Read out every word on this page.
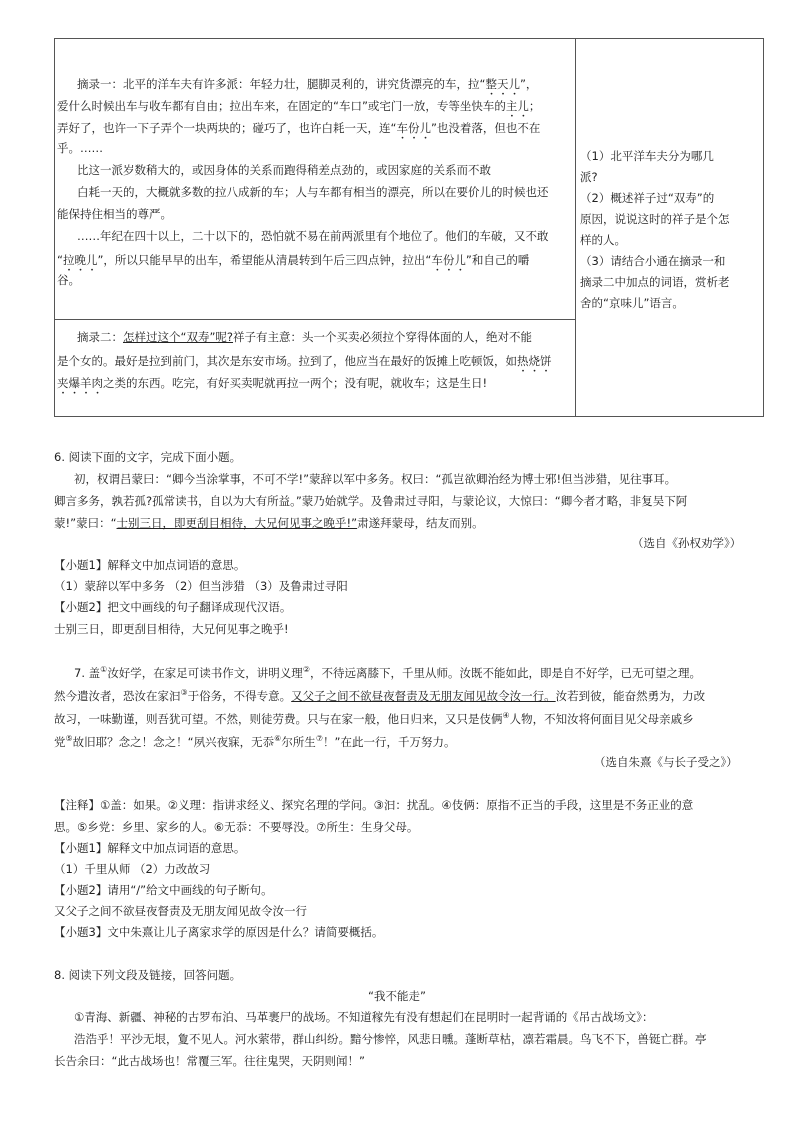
摘录一：北平的洋车夫有许多派：年轻力壮，腿脚灵利的，讲究货漂亮的车，拉“整天儿”，
爱什么时候出车与收车都有自由；拉出车来，在固定的“车口”或宅门一放，专等坐快车的主儿；
弄好了，也许一下子弄个一块两块的；碰巧了，也许白耗一天，连“车份儿”也没着落，但也不在
乎。……
比这一派岁数稍大的，或因身体的关系而跑得稍差点劲的，或因家庭的关系而不敢
白耗一天的，大概就多数的拉八成新的车；人与车都有相当的漂亮，所以在要价儿的时候也还
能保持住相当的尊严。
……年纪在四十以上，二十以下的，恐怕就不易在前两派里有个地位了。他们的车破，又不敢
“拉晚儿”，所以只能早早的出车，希望能从清晨转到午后三四点钟，拉出“车份儿”和自己的嚼
谷。

（1）北平洋车夫分为哪几
派?
（2）概述祥子过“双寿”的
原因，说说这时的祥子是个怎
样的人。
（3）请结合小通在摘录一和
摘录二中加点的词语，赏析老
舍的“京味儿”语言。

摘录二：怎样过这个“双寿”呢?祥子有主意：头一个买卖必须拉个穿得体面的人，绝对不能
是个女的。最好是拉到前门，其次是东安市场。拉到了，他应当在最好的饭摊上吃顿饭，如热烧饼
夹爆羊肉之类的东西。吃完，有好买卖呢就再拉一两个；没有呢，就收车；这是生日!
6. 阅读下面的文字，完成下面小题。
初，权谓吕蒙曰：“卿今当涂掌事，不可不学!”蒙辞以军中多务。权曰：“孤岂欲卿治经为博士邪!但当涉猎，见往事耳。
卿言多务，孰若孤?孤常读书，自以为大有所益。”蒙乃始就学。及鲁肃过寻阳，与蒙论议，大惊曰：“卿今者才略，非复吴下阿
蒙!”蒙曰：“士别三日，即更刮目相待，大兄何见事之晚乎!”肃遂拜蒙母，结友而别。
（选自《孙权劝学》）
【小题1】解释文中加点词语的意思。
（1）蒙辞以军中多务 （2）但当涉猎 （3）及鲁肃过寻阳
【小题2】把文中画线的句子翻译成现代汉语。
士别三日，即更刮目相待，大兄何见事之晚乎!
7. 盖①汝好学，在家足可读书作文，讲明义理②，不待远离膝下，千里从师。汝既不能如此，即是自不好学，已无可望之理。
然今遣汝者，恐汝在家汩③于俗务，不得专意。又父子之间不欲昼夜督责及无朋友闻见故令汝一行。汝若到彼，能奋然勇为，力改
故习，一味勤谨，则吾犹可望。不然，则徒劳费。只与在家一般，他日归来，又只是伎俩④人物，不知汝将何面目见父母亲戚乡
党⑤故旧耶？念之！念之！“夙兴夜寐，无忝⑥尔所生⑦！”在此一行，千万努力。
（选自朱熹《与长子受之》）
【注释】①盖：如果。②义理：指讲求经义、探究名理的学问。③汩：扰乱。④伎俩：原指不正当的手段，这里是不务正业的意
思。⑤乡党：乡里、家乡的人。⑥无忝：不要辱没。⑦所生：生身父母。
【小题1】解释文中加点词语的意思。
（1）千里从师 （2）力改故习
【小题2】请用“/”给文中画线的句子断句。
又父子之间不欲昼夜督责及无朋友闻见故令汝一行
【小题3】文中朱熹让儿子离家求学的原因是什么？请简要概括。
8. 阅读下列文段及链接，回答问题。
“我不能走”
①青海、新疆、神秘的古罗布泊、马革裹尸的战场。不知道稼先有没有想起们在昆明时一起背诵的《吊古战场文》：
浩浩乎！平沙无垠，夐不见人。河水萦带，群山纠纷。黯兮惨悴，风悲日曛。蓬断草枯，凛若霜晨。鸟飞不下，兽铤亡群。亭
长告余曰：“此古战场也！常覆三军。往往鬼哭，天阴则闻！”
